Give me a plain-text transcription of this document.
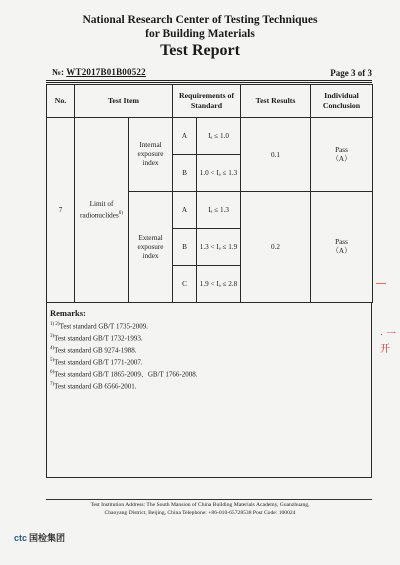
National Research Center of Testing Techniques
for Building Materials
Test Report
№: WT2017B01B00522	Page 3 of 3
No.	Test Item		Requirements of Standard		Test Results	Individual Conclusion
7	Limit of radionuclides$^{6)}$	Internal exposure index	A	Iₐ ≤ 1.0	0.1	Pass
（A）

			B	1.0 < Iₐ ≤ 1.3		
		External exposure index	A	Iₐ ≤ 1.3	0.2	Pass
（A）

			B	1.3 < Iₐ ≤ 1.9		
			C	1.9 < Iₐ ≤ 2.8		
Remarks:
$^{1) 2)}$Test standard GB/T 1735-2009.
$^{3)}$Test standard GB/T 1732-1993.
$^{4)}$Test standard GB 9274-1988.
$^{5)}$Test standard GB/T 1771-2007.
$^{6)}$Test standard GB/T 1865-2009、GB/T 1766-2008.
$^{7)}$Test standard GB 6566-2001.
Test Institution Address: The South Mansion of China Building Materials Academy, Guanzhuang,
Chaoyang District, Beijing, China Telephone: +86-010-65728538 Post Code: 100024
ctc 国检集团
—
· 一开
